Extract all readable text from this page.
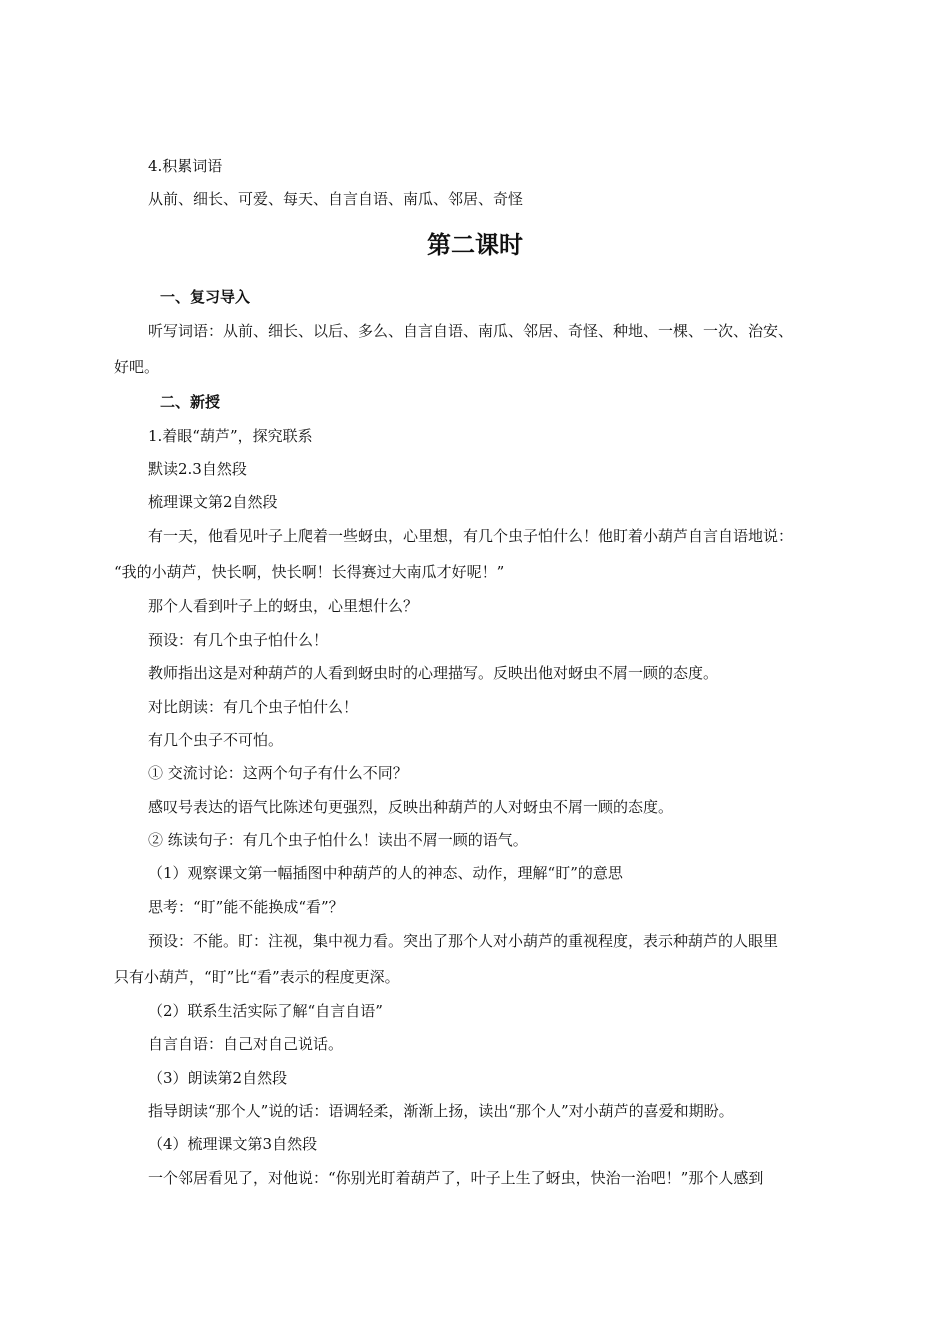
4.积累词语
从前、细长、可爱、每天、自言自语、南瓜、邻居、奇怪
第二课时
一、复习导入
听写词语：从前、细长、以后、多么、自言自语、南瓜、邻居、奇怪、种地、一棵、一次、治安、
好吧。
二、新授
1.着眼“葫芦”，探究联系
默读2.3自然段
梳理课文第2自然段
有一天，他看见叶子上爬着一些蚜虫，心里想，有几个虫子怕什么！他盯着小葫芦自言自语地说：
“我的小葫芦，快长啊，快长啊！长得赛过大南瓜才好呢！”
那个人看到叶子上的蚜虫，心里想什么？
预设：有几个虫子怕什么！
教师指出这是对种葫芦的人看到蚜虫时的心理描写。反映出他对蚜虫不屑一顾的态度。
对比朗读：有几个虫子怕什么！
有几个虫子不可怕。
① 交流讨论：这两个句子有什么不同？
感叹号表达的语气比陈述句更强烈，反映出种葫芦的人对蚜虫不屑一顾的态度。
② 练读句子：有几个虫子怕什么！读出不屑一顾的语气。
（1）观察课文第一幅插图中种葫芦的人的神态、动作，理解“盯”的意思
思考：“盯”能不能换成“看”？
预设：不能。盯：注视，集中视力看。突出了那个人对小葫芦的重视程度，表示种葫芦的人眼里
只有小葫芦，“盯”比“看”表示的程度更深。
（2）联系生活实际了解“自言自语”
自言自语：自己对自己说话。
（3）朗读第2自然段
指导朗读“那个人”说的话：语调轻柔，渐渐上扬，读出“那个人”对小葫芦的喜爱和期盼。
（4）梳理课文第3自然段
一个邻居看见了，对他说：“你别光盯着葫芦了，叶子上生了蚜虫，快治一治吧！”那个人感到
